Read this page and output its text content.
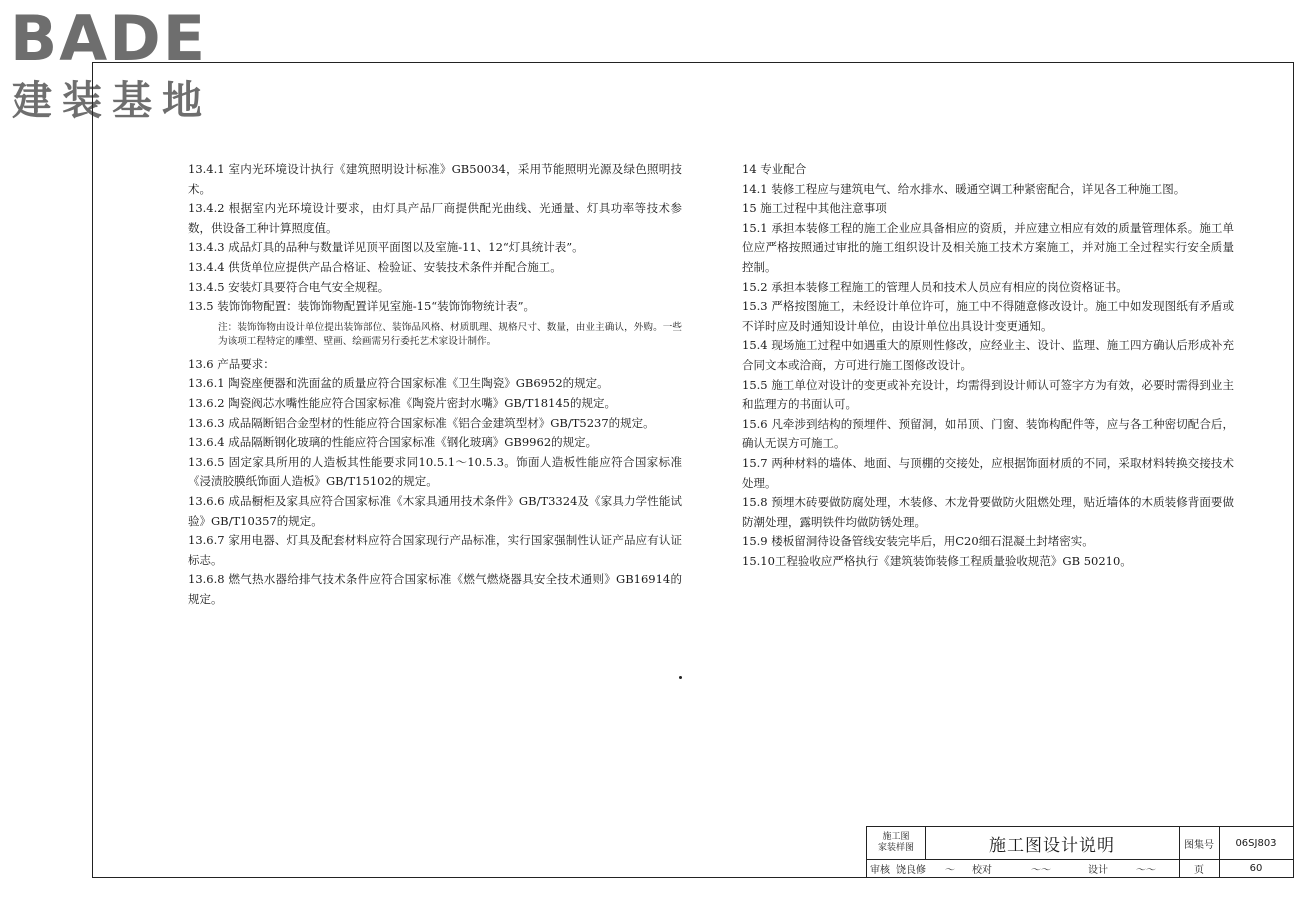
BADE
建装基地

13.4.1 室内光环境设计执行《建筑照明设计标准》GB50034，采用节能照明光源及绿色照明技术。

13.4.2 根据室内光环境设计要求，由灯具产品厂商提供配光曲线、光通量、灯具功率等技术参数，供设备工种计算照度值。

13.4.3 成品灯具的品种与数量详见顶平面图以及室施-11、12“灯具统计表”。

13.4.4 供货单位应提供产品合格证、检验证、安装技术条件并配合施工。

13.4.5 安装灯具要符合电气安全规程。

13.5 装饰饰物配置：装饰饰物配置详见室施-15“装饰饰物统计表”。

注：装饰饰物由设计单位提出装饰部位、装饰品风格、材质肌理、规格尺寸、数量，由业主确认，外购。一些为该项工程特定的雕塑、壁画、绘画需另行委托艺术家设计制作。

13.6 产品要求：

13.6.1 陶瓷座便器和洗面盆的质量应符合国家标准《卫生陶瓷》GB6952的规定。

13.6.2 陶瓷阀芯水嘴性能应符合国家标准《陶瓷片密封水嘴》GB/T18145的规定。

13.6.3 成品隔断铝合金型材的性能应符合国家标准《铝合金建筑型材》GB/T5237的规定。

13.6.4 成品隔断钢化玻璃的性能应符合国家标准《钢化玻璃》GB9962的规定。

13.6.5 固定家具所用的人造板其性能要求同10.5.1～10.5.3。饰面人造板性能应符合国家标准《浸渍胶膜纸饰面人造板》GB/T15102的规定。

13.6.6 成品橱柜及家具应符合国家标准《木家具通用技术条件》GB/T3324及《家具力学性能试验》GB/T10357的规定。

13.6.7 家用电器、灯具及配套材料应符合国家现行产品标准，实行国家强制性认证产品应有认证标志。

13.6.8 燃气热水器给排气技术条件应符合国家标准《燃气燃烧器具安全技术通则》GB16914的规定。

14 专业配合

14.1 装修工程应与建筑电气、给水排水、暖通空调工种紧密配合，详见各工种施工图。

15 施工过程中其他注意事项

15.1 承担本装修工程的施工企业应具备相应的资质，并应建立相应有效的质量管理体系。施工单位应严格按照通过审批的施工组织设计及相关施工技术方案施工，并对施工全过程实行安全质量控制。

15.2 承担本装修工程施工的管理人员和技术人员应有相应的岗位资格证书。

15.3 严格按图施工，未经设计单位许可，施工中不得随意修改设计。施工中如发现图纸有矛盾或不详时应及时通知设计单位，由设计单位出具设计变更通知。

15.4 现场施工过程中如遇重大的原则性修改，应经业主、设计、监理、施工四方确认后形成补充合同文本或洽商，方可进行施工图修改设计。

15.5 施工单位对设计的变更或补充设计，均需得到设计师认可签字方为有效，必要时需得到业主和监理方的书面认可。

15.6 凡牵涉到结构的预埋件、预留洞，如吊顶、门窗、装饰构配件等，应与各工种密切配合后，确认无误方可施工。

15.7 两种材料的墙体、地面、与顶棚的交接处，应根据饰面材质的不同，采取材料转换交接技术处理。

15.8 预埋木砖要做防腐处理，木装修、木龙骨要做防火阻燃处理，贴近墙体的木质装修背面要做防潮处理，露明铁件均做防锈处理。

15.9 楼板留洞待设备管线安装完毕后，用C20细石混凝土封堵密实。

15.10工程验收应严格执行《建筑装饰装修工程质量验收规范》GB 50210。

施工图
家装样图	施工图设计说明	图集号	06SJ803
审核 饶良修	～	校对	～～	设计	～～	页	60
